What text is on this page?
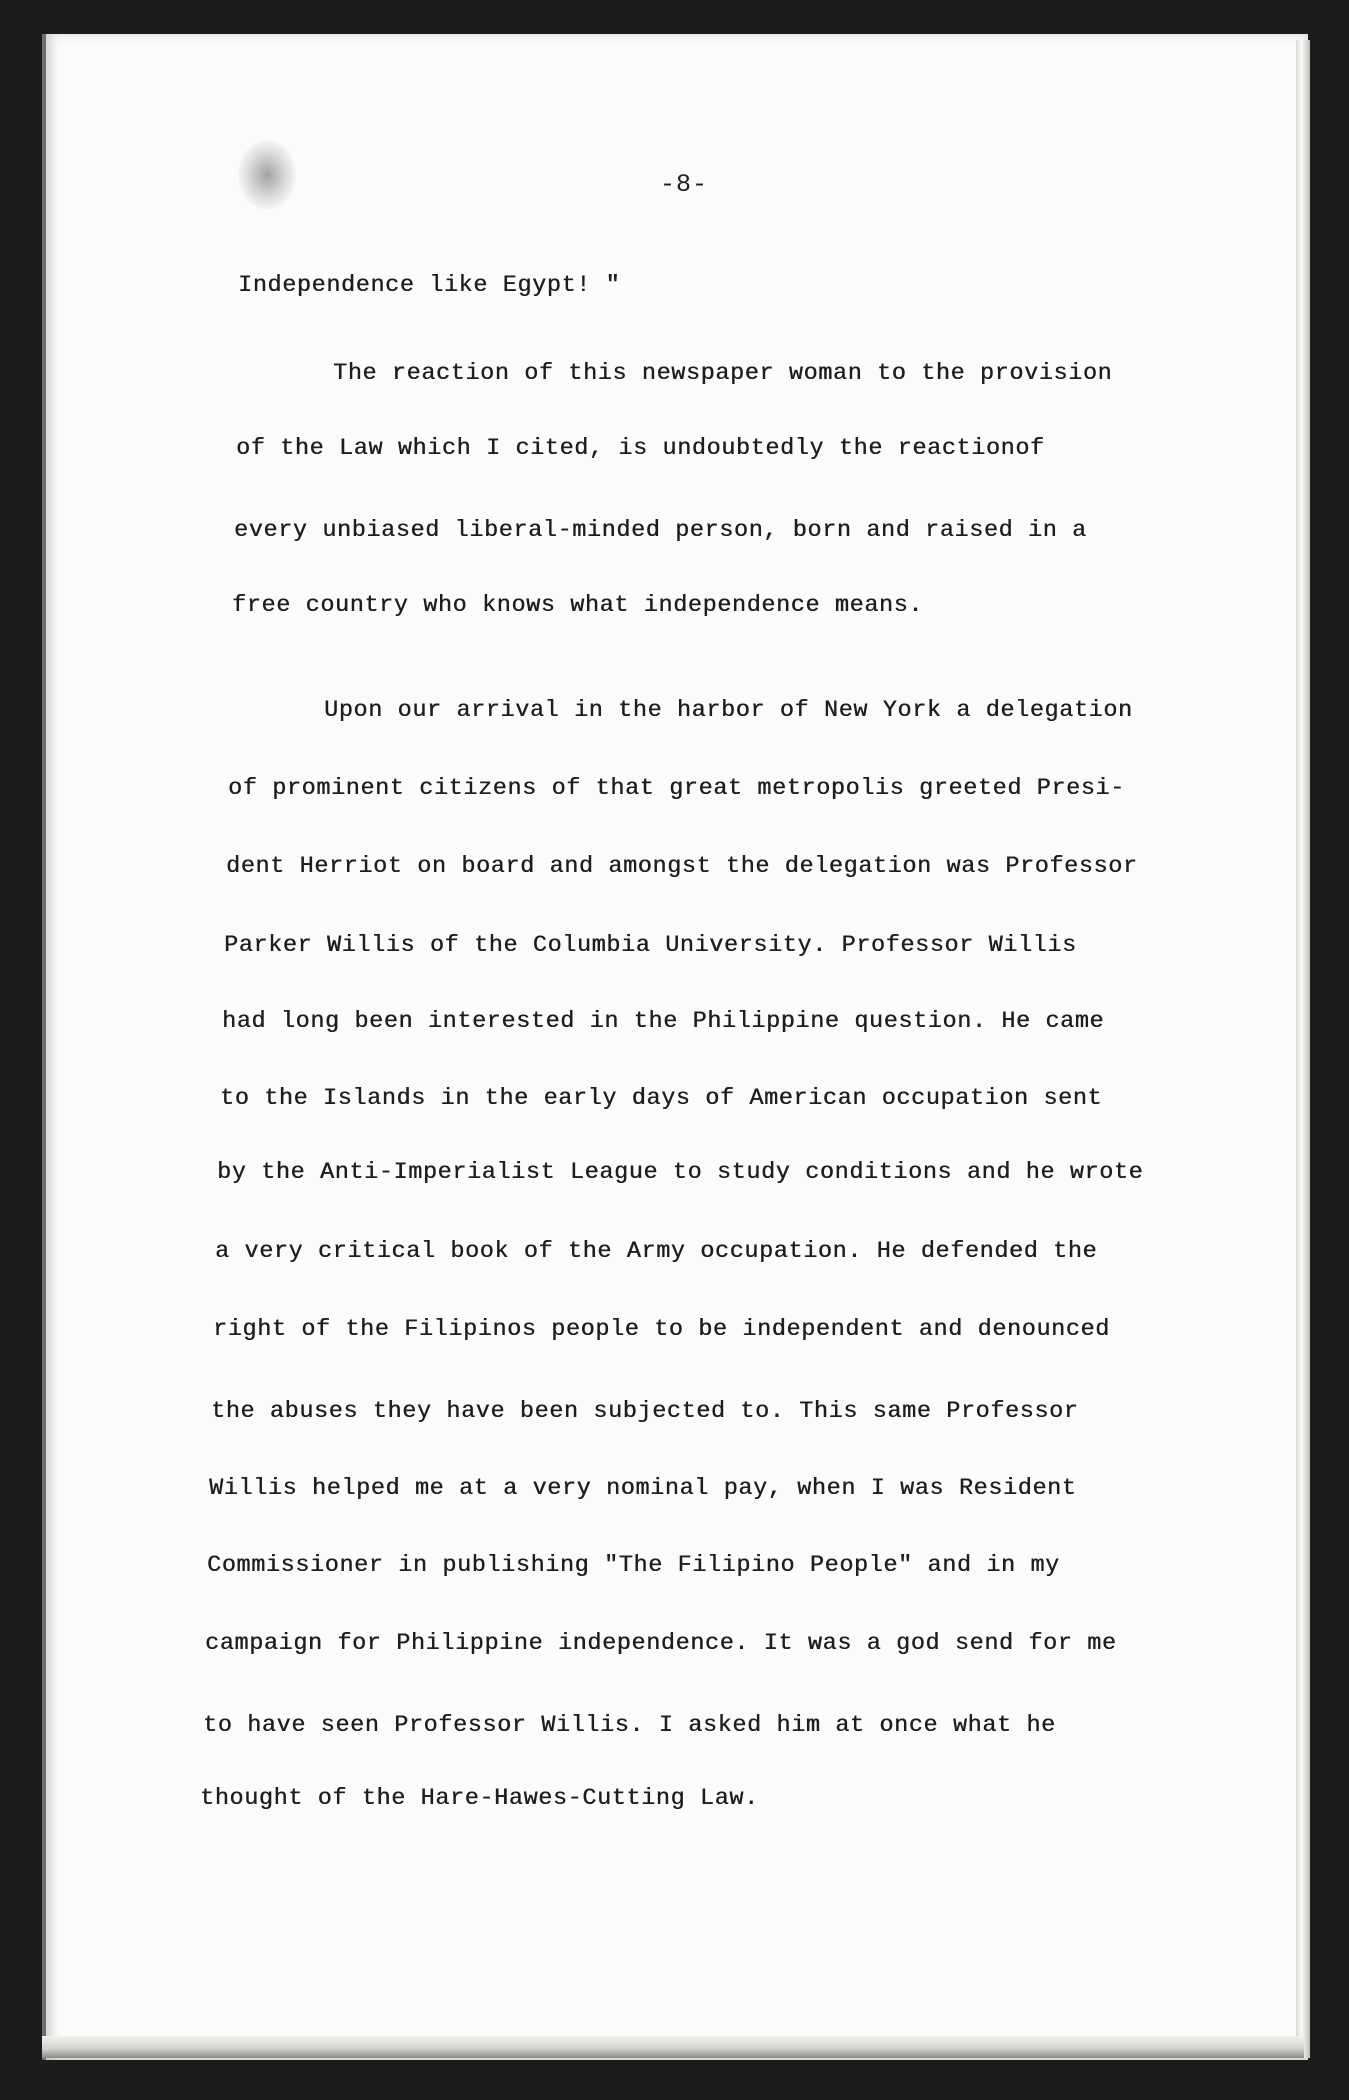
-8-
Independence like Egypt! "
The reaction of this newspaper woman to the provision
of the Law which I cited, is undoubtedly the reactionof
every unbiased liberal-minded person, born and raised in a
free country who knows what independence means.
Upon our arrival in the harbor of New York a delegation
of prominent citizens of that great metropolis greeted Presi-
dent Herriot on board and amongst the delegation was Professor
Parker Willis of the Columbia University. Professor Willis
had long been interested in the Philippine question. He came
to the Islands in the early days of American occupation sent
by the Anti-Imperialist League to study conditions and he wrote
a very critical book of the Army occupation. He defended the
right of the Filipinos people to be independent and denounced
the abuses they have been subjected to. This same Professor
Willis helped me at a very nominal pay, when I was Resident
Commissioner in publishing "The Filipino People" and in my
campaign for Philippine independence. It was a god send for me
to have seen Professor Willis. I asked him at once what he
thought of the Hare-Hawes-Cutting Law.
